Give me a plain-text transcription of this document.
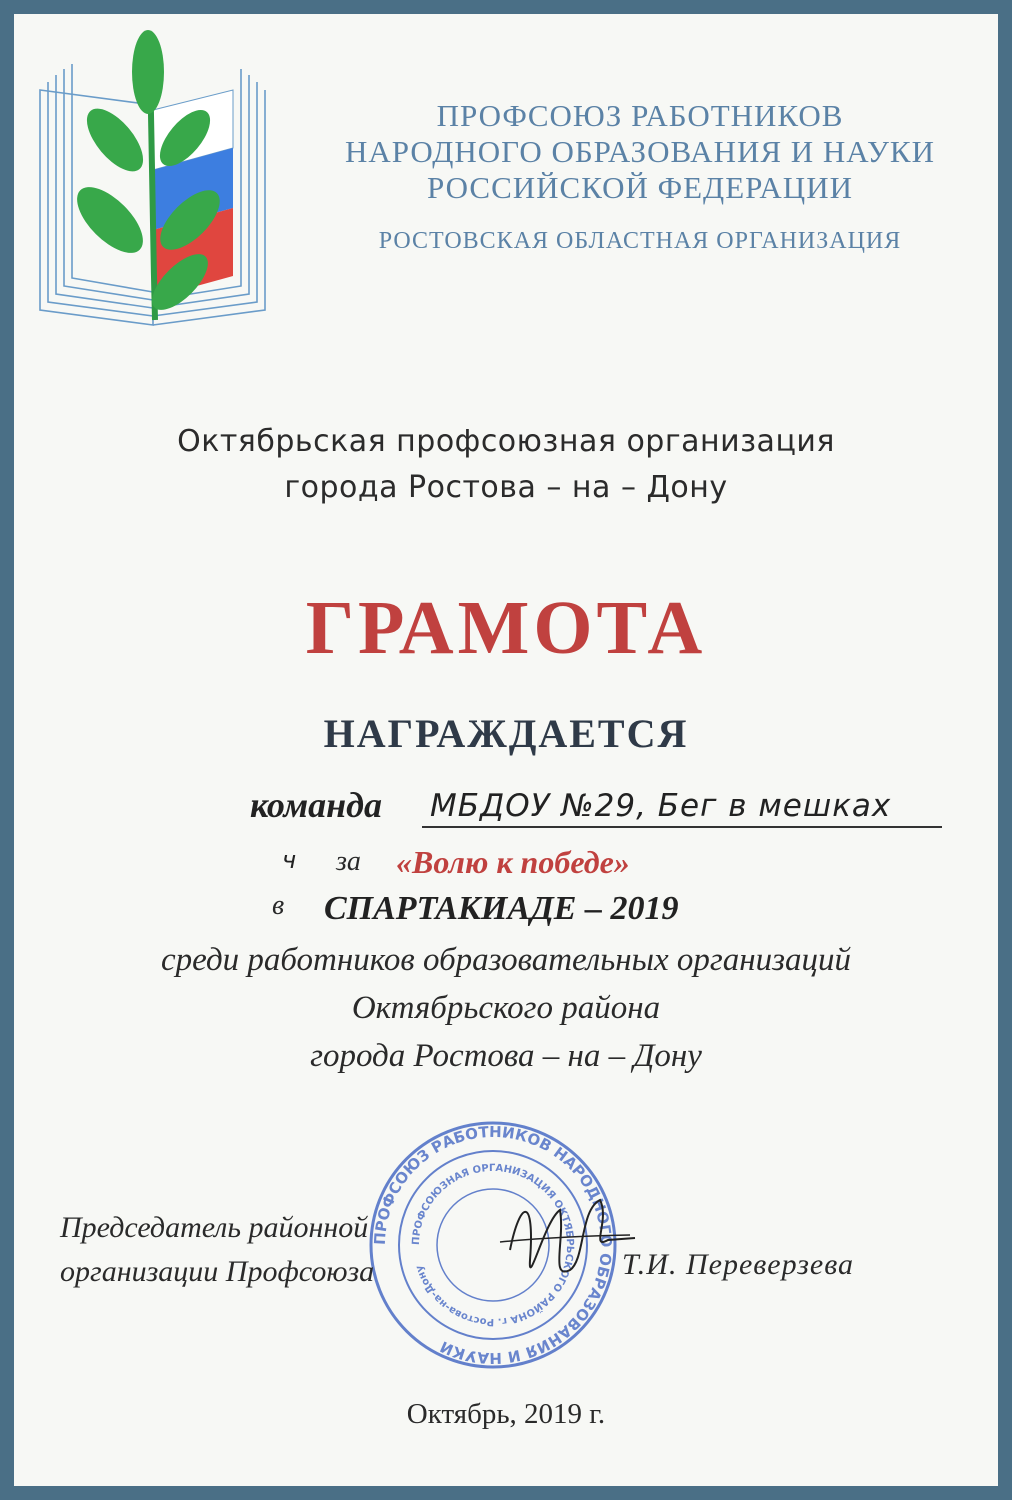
ПРОФСОЮЗ РАБОТНИКОВ
НАРОДНОГО ОБРАЗОВАНИЯ И НАУКИ
РОССИЙСКОЙ ФЕДЕРАЦИИ
РОСТОВСКАЯ ОБЛАСТНАЯ ОРГАНИЗАЦИЯ
Октябрьская профсоюзная организация
города Ростова – на – Дону
ГРАМОТА
НАГРАЖДАЕТСЯ
команда МБДОУ №29, Бег в мешках
ч за «Волю к победе»
в СПАРТАКИАДЕ – 2019
среди работников образовательных организаций
Октябрьского района
города Ростова – на – Дону
ПРОФСОЮЗ РАБОТНИКОВ НАРОДНОГО ОБРАЗОВАНИЯ И НАУКИ
ПРОФСОЮЗНАЯ ОРГАНИЗАЦИЯ ОКТЯБРЬСКОГО РАЙОНА г. Ростова-на-Дону
Председатель районной
организации Профсоюза	Т.И. Переверзева
Октябрь, 2019 г.
